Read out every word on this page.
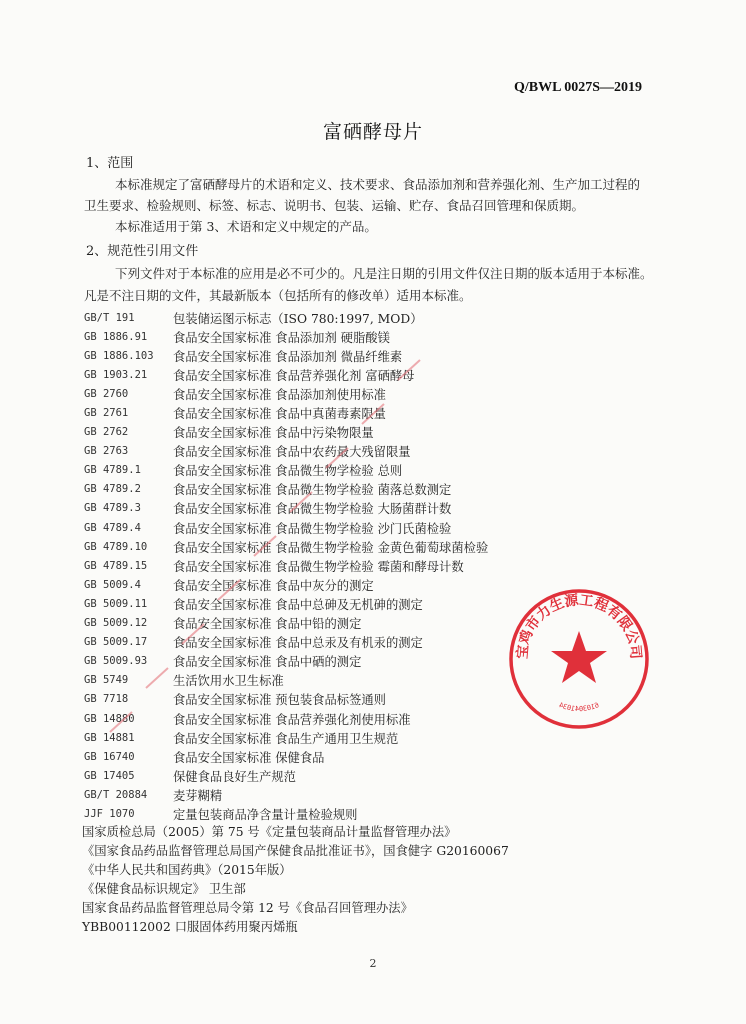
Q/BWL 0027S—2019
富硒酵母片
1、范围
本标准规定了富硒酵母片的术语和定义、技术要求、食品添加剂和营养强化剂、生产加工过程的
卫生要求、检验规则、标签、标志、说明书、包装、运输、贮存、食品召回管理和保质期。
本标准适用于第 3、术语和定义中规定的产品。
2、规范性引用文件
下列文件对于本标准的应用是必不可少的。凡是注日期的引用文件仅注日期的版本适用于本标准。
凡是不注日期的文件，其最新版本（包括所有的修改单）适用本标准。
GB/T 191	包装储运图示标志（ISO 780:1997, MOD）
GB 1886.91	食品安全国家标准 食品添加剂 硬脂酸镁
GB 1886.103	食品安全国家标准 食品添加剂 微晶纤维素
GB 1903.21	食品安全国家标准 食品营养强化剂 富硒酵母
GB 2760	食品安全国家标准 食品添加剂使用标准
GB 2761	食品安全国家标准 食品中真菌毒素限量
GB 2762	食品安全国家标准 食品中污染物限量
GB 2763	食品安全国家标准 食品中农药最大残留限量
GB 4789.1	食品安全国家标准 食品微生物学检验 总则
GB 4789.2	食品安全国家标准 食品微生物学检验 菌落总数测定
GB 4789.3	食品安全国家标准 食品微生物学检验 大肠菌群计数
GB 4789.4	食品安全国家标准 食品微生物学检验 沙门氏菌检验
GB 4789.10	食品安全国家标准 食品微生物学检验 金黄色葡萄球菌检验
GB 4789.15	食品安全国家标准 食品微生物学检验 霉菌和酵母计数
GB 5009.4	食品安全国家标准 食品中灰分的测定
GB 5009.11	食品安全国家标准 食品中总砷及无机砷的测定
GB 5009.12	食品安全国家标准 食品中铅的测定
GB 5009.17	食品安全国家标准 食品中总汞及有机汞的测定
GB 5009.93	食品安全国家标准 食品中硒的测定
GB 5749	生活饮用水卫生标准
GB 7718	食品安全国家标准 预包装食品标签通则
GB 14880	食品安全国家标准 食品营养强化剂使用标准
GB 14881	食品安全国家标准 食品生产通用卫生规范
GB 16740	食品安全国家标准 保健食品
GB 17405	保健食品良好生产规范
GB/T 20884	麦芽糊精
JJF 1070	定量包装商品净含量计量检验规则
国家质检总局（2005）第 75 号《定量包装商品计量监督管理办法》
《国家食品药品监督管理总局国产保健食品批准证书》，国食健字 G20160067
《中华人民共和国药典》（2015年版）
《保健食品标识规定》 卫生部
国家食品药品监督管理总局令第 12 号《食品召回管理办法》
YBB00112002 口服固体药用聚丙烯瓶
宝鸡市力生源工程有限公司
6103041034
2
